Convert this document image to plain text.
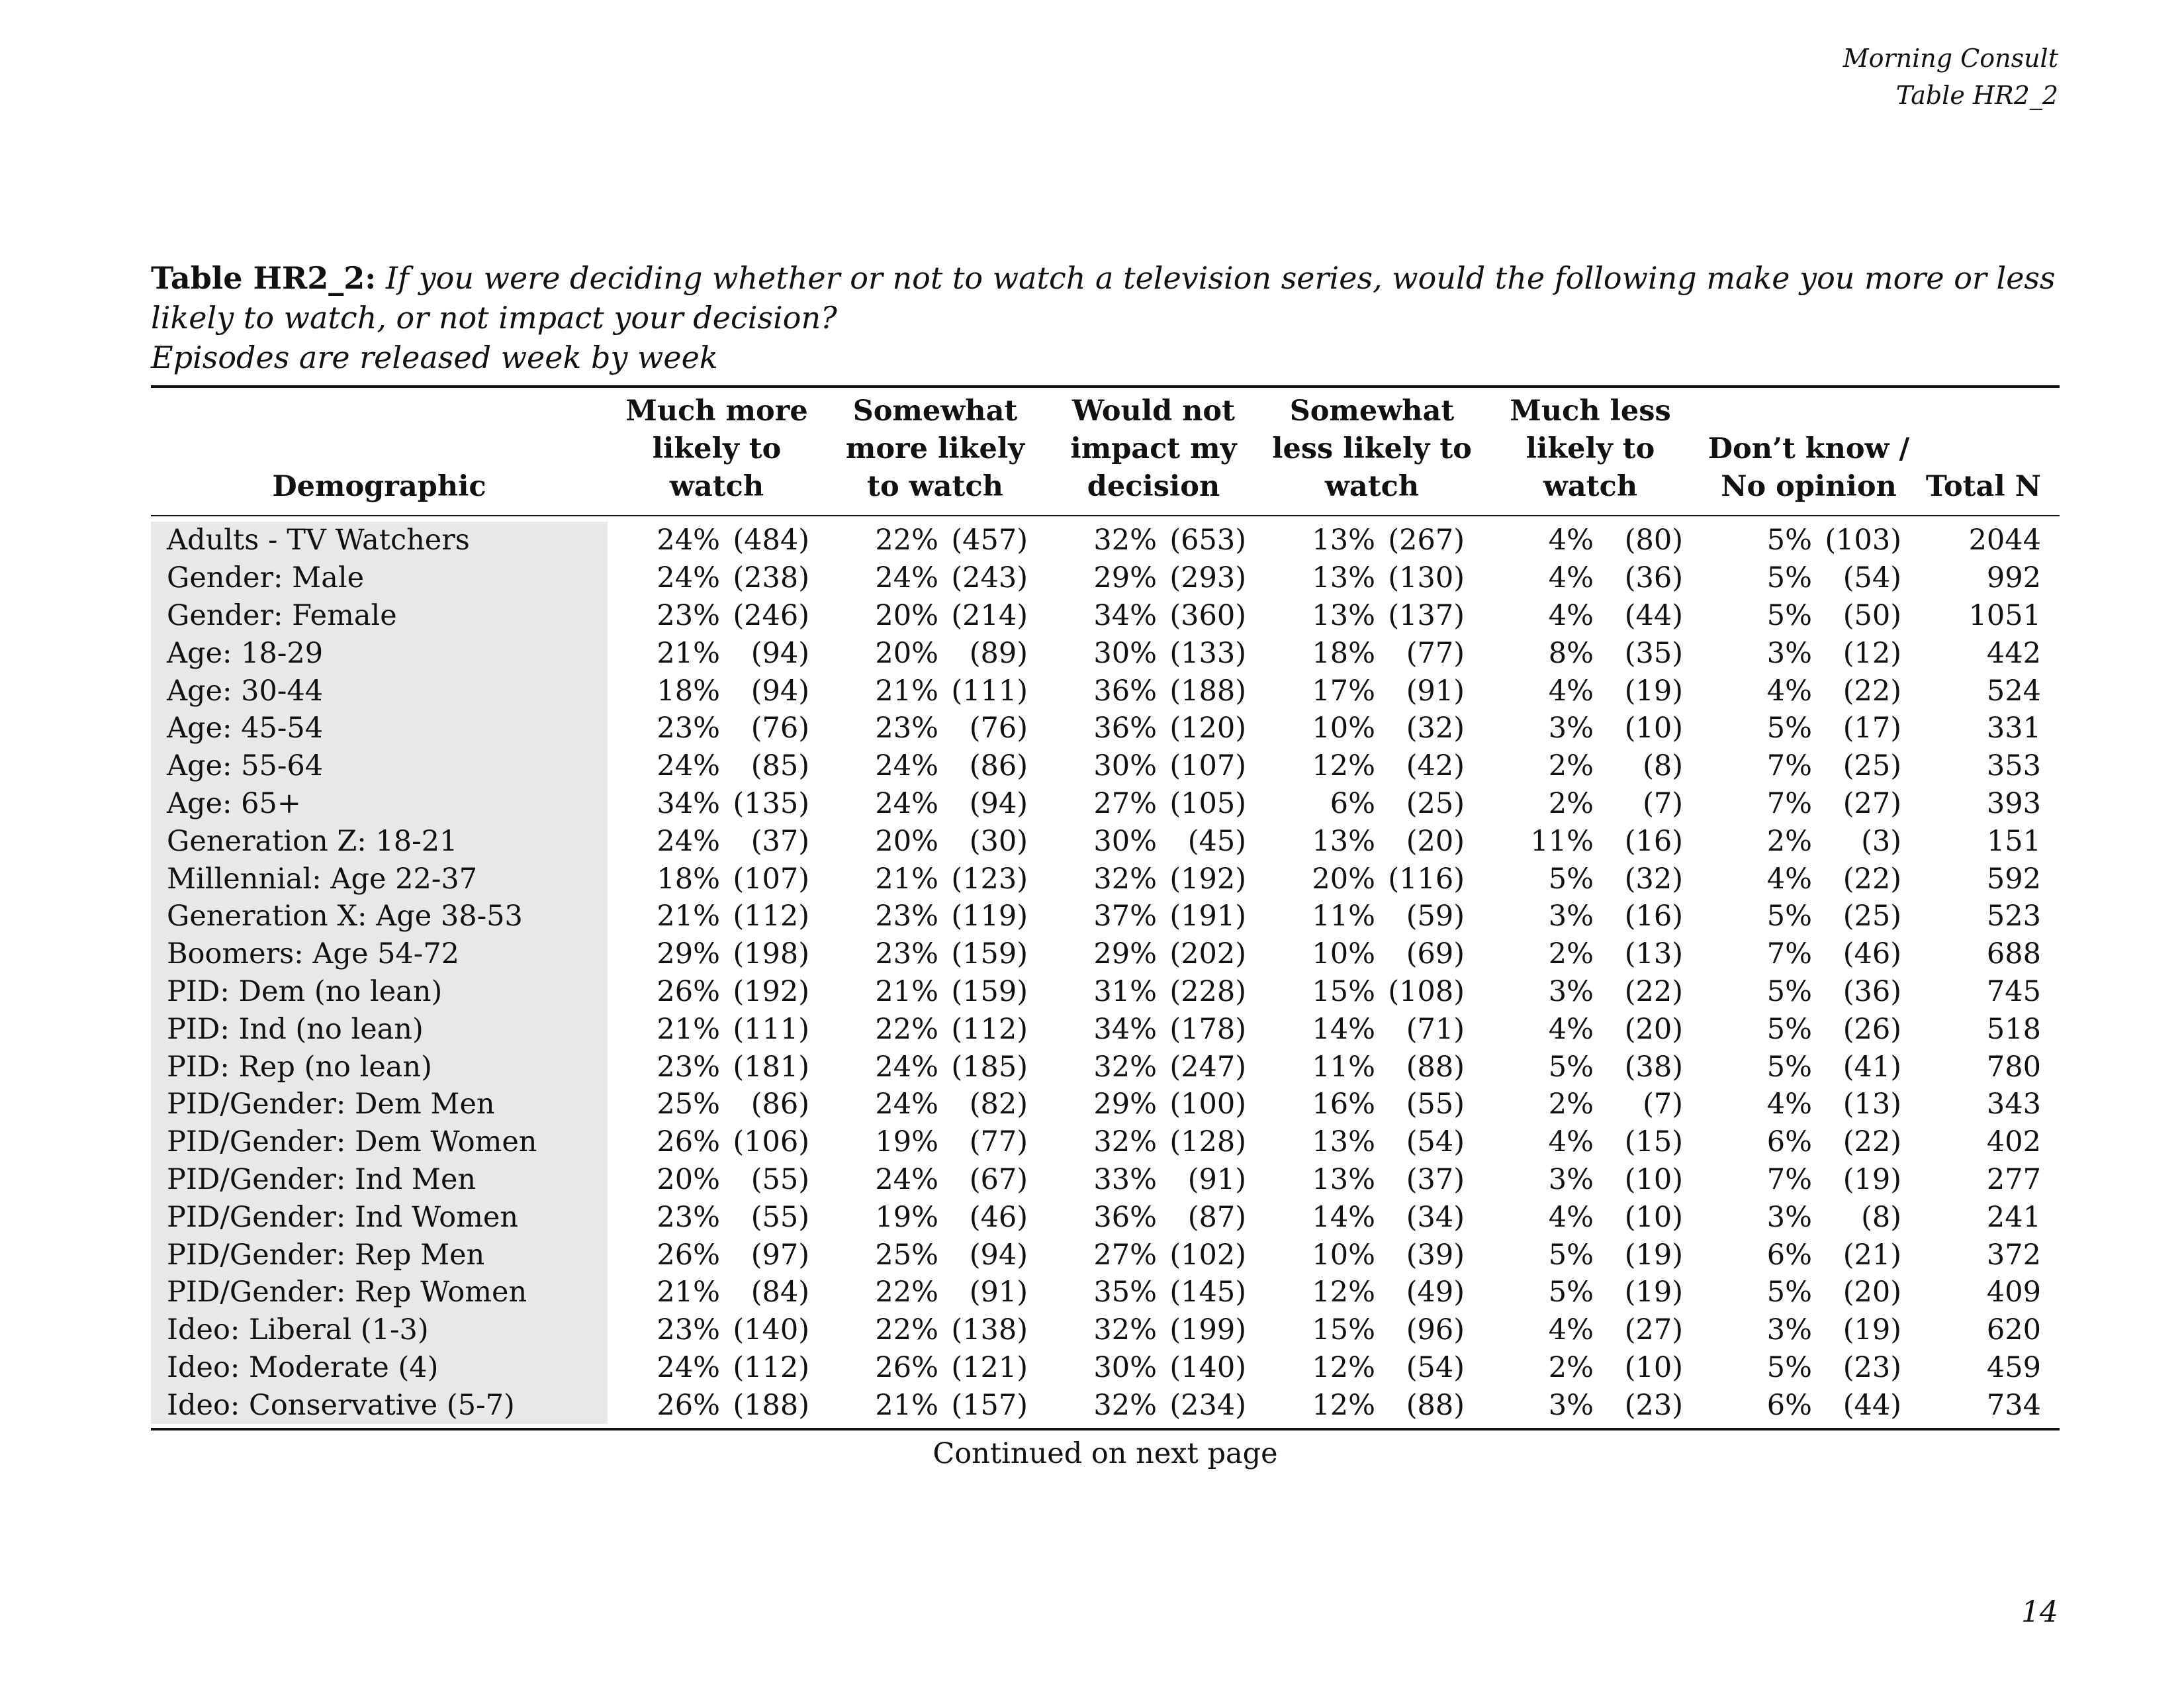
Morning Consult
Table HR2_2
Table HR2_2: If you were deciding whether or not to watch a television series, would the following make you more or less likely to watch, or not impact your decision?
Episodes are released week by week
Demographic
Much more
likely to
watch
Somewhat
more likely
to watch
Would not
impact my
decision
Somewhat
less likely to
watch
Much less
likely to
watch
Don’t know /
No opinion	Total N
Adults - TV Watchers	24% (484)	22% (457)	32% (653)	13% (267)	4%	(80)	5% (103)	2044
Gender: Male	24% (238)	24% (243)	29% (293)	13% (130)	4%	(36)	5%	(54)	992
Gender: Female	23% (246)	20% (214)	34% (360)	13% (137)	4%	(44)	5%	(50)	1051
Age: 18-29	21%	(94)	20%	(89)	30% (133)	18%	(77)	8%	(35)	3%	(12)	442
Age: 30-44	18%	(94)	21% (111)	36% (188)	17%	(91)	4%	(19)	4%	(22)	524
Age: 45-54	23%	(76)	23%	(76)	36% (120)	10%	(32)	3%	(10)	5%	(17)	331
Age: 55-64	24%	(85)	24%	(86)	30% (107)	12%	(42)	2%	(8)	7%	(25)	353
Age: 65+	34% (135)	24%	(94)	27% (105)	6%	(25)	2%	(7)	7%	(27)	393
Generation Z: 18-21	24%	(37)	20%	(30)	30%	(45)	13%	(20)	11%	(16)	2%	(3)	151
Millennial: Age 22-37	18% (107)	21% (123)	32% (192)	20% (116)	5%	(32)	4%	(22)	592
Generation X: Age 38-53	21% (112)	23% (119)	37% (191)	11%	(59)	3%	(16)	5%	(25)	523
Boomers: Age 54-72	29% (198)	23% (159)	29% (202)	10%	(69)	2%	(13)	7%	(46)	688
PID: Dem (no lean)	26% (192)	21% (159)	31% (228)	15% (108)	3%	(22)	5%	(36)	745
PID: Ind (no lean)	21% (111)	22% (112)	34% (178)	14%	(71)	4%	(20)	5%	(26)	518
PID: Rep (no lean)	23% (181)	24% (185)	32% (247)	11%	(88)	5%	(38)	5%	(41)	780
PID/Gender: Dem Men	25%	(86)	24%	(82)	29% (100)	16%	(55)	2%	(7)	4%	(13)	343
PID/Gender: Dem Women	26% (106)	19%	(77)	32% (128)	13%	(54)	4%	(15)	6%	(22)	402
PID/Gender: Ind Men	20%	(55)	24%	(67)	33%	(91)	13%	(37)	3%	(10)	7%	(19)	277
PID/Gender: Ind Women	23%	(55)	19%	(46)	36%	(87)	14%	(34)	4%	(10)	3%	(8)	241
PID/Gender: Rep Men	26%	(97)	25%	(94)	27% (102)	10%	(39)	5%	(19)	6%	(21)	372
PID/Gender: Rep Women	21%	(84)	22%	(91)	35% (145)	12%	(49)	5%	(19)	5%	(20)	409
Ideo: Liberal (1-3)	23% (140)	22% (138)	32% (199)	15%	(96)	4%	(27)	3%	(19)	620
Ideo: Moderate (4)	24% (112)	26% (121)	30% (140)	12%	(54)	2%	(10)	5%	(23)	459
Ideo: Conservative (5-7)	26% (188)	21% (157)	32% (234)	12%	(88)	3%	(23)	6%	(44)	734
Continued on next page
14
